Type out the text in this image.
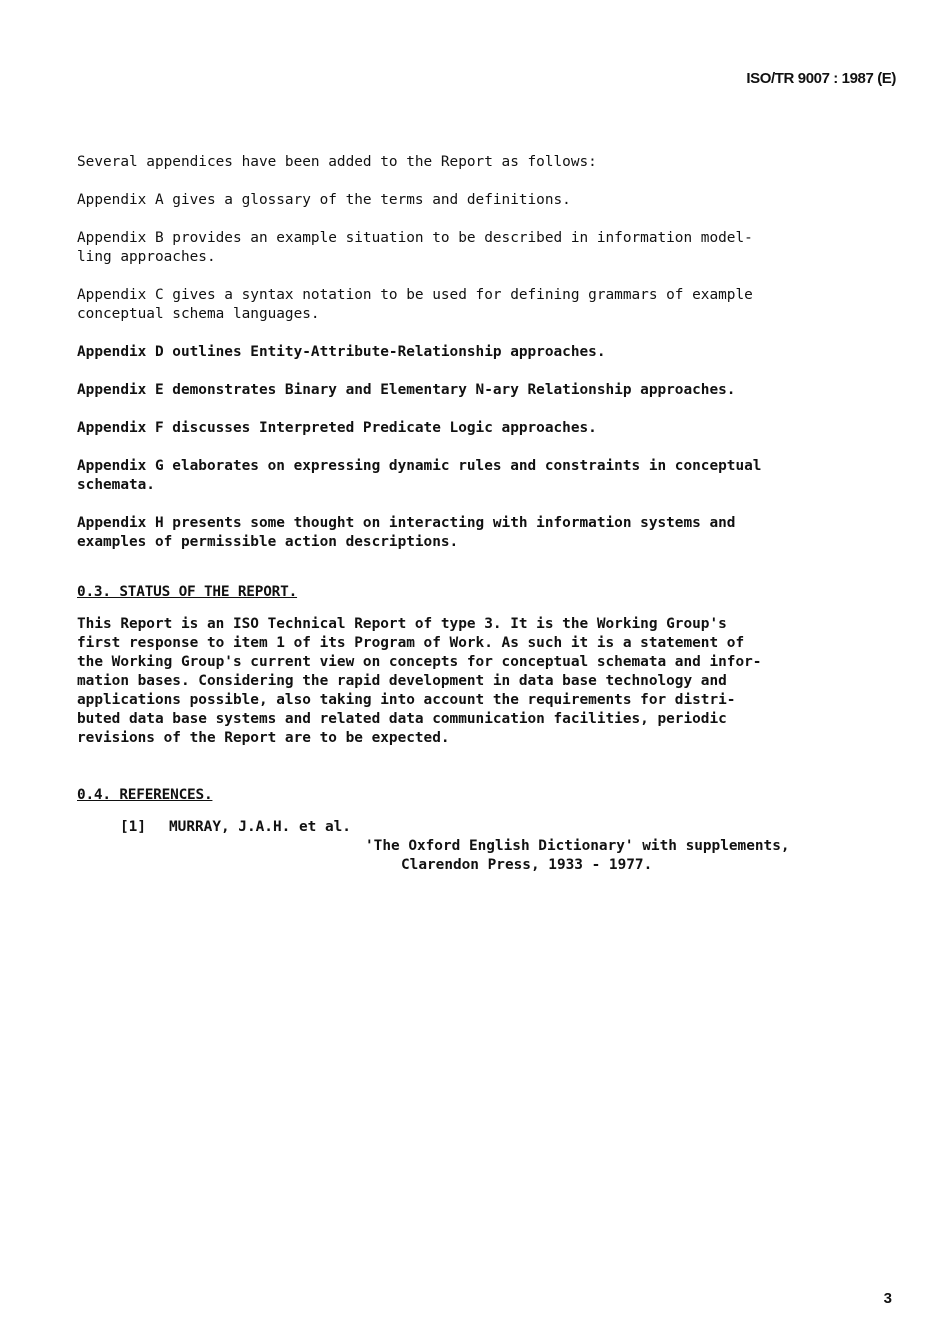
ISO/TR 9007 : 1987 (E)

Several appendices have been added to the Report as follows:

Appendix A gives a glossary of the terms and definitions.

Appendix B provides an example situation to be described in information model-
ling approaches.

Appendix C gives a syntax notation to be used for defining grammars of example
conceptual schema languages.

Appendix D outlines Entity-Attribute-Relationship approaches.

Appendix E demonstrates Binary and Elementary N-ary Relationship approaches.

Appendix F discusses Interpreted Predicate Logic approaches.

Appendix G elaborates on expressing dynamic rules and constraints in conceptual
schemata.

Appendix H presents some thought on interacting with information systems and
examples of permissible action descriptions.

0.3. STATUS OF THE REPORT.

This Report is an ISO Technical Report of type 3. It is the Working Group's
first response to item 1 of its Program of Work. As such it is a statement of
the Working Group's current view on concepts for conceptual schemata and infor-
mation bases. Considering the rapid development in data base technology and
applications possible, also taking into account the requirements for distri-
buted data base systems and related data communication facilities, periodic
revisions of the Report are to be expected.

0.4. REFERENCES.
[1] MURRAY, J.A.H. et al.
'The Oxford English Dictionary' with supplements,
Clarendon Press, 1933 - 1977.
3
